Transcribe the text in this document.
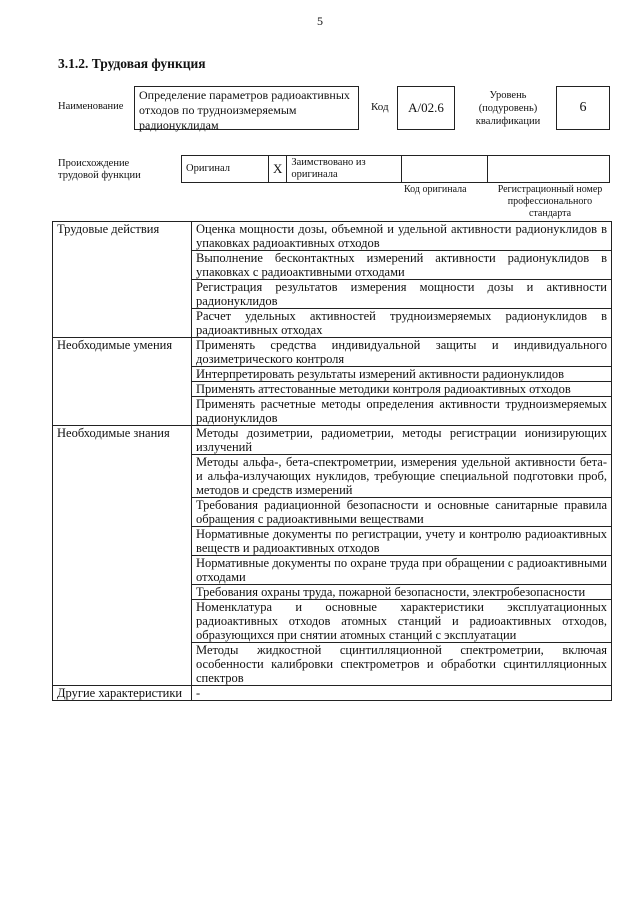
5
3.1.2. Трудовая функция
Наименование
Определение параметров радиоактивных отходов по трудноизмеряемым радионуклидам
Код	А/02.6
Уровень (подуровень) квалификации
6
Происхождение трудовой функции
Оригинал	X	Заимствовано из оригинала		
Код оригинала	Регистрационный номер профессионального стандарта
Трудовые действия	Оценка мощности дозы, объемной и удельной активности радионуклидов в упаковках радиоактивных отходов
	Выполнение бесконтактных измерений активности радионуклидов в упаковках с радиоактивными отходами
	Регистрация результатов измерения мощности дозы и активности радионуклидов
	Расчет удельных активностей трудноизмеряемых радионуклидов в радиоактивных отходах
Необходимые умения	Применять средства индивидуальной защиты и индивидуального дозиметрического контроля
	Интерпретировать результаты измерений активности радионуклидов
	Применять аттестованные методики контроля радиоактивных отходов
	Применять расчетные методы определения активности трудноизмеряемых радионуклидов
Необходимые знания	Методы дозиметрии, радиометрии, методы регистрации ионизирующих излучений
	Методы альфа-, бета-спектрометрии, измерения удельной активности бета- и альфа-излучающих нуклидов, требующие специальной подготовки проб, методов и средств измерений
	Требования радиационной безопасности и основные санитарные правила обращения с радиоактивными веществами
	Нормативные документы по регистрации, учету и контролю радиоактивных веществ и радиоактивных отходов
	Нормативные документы по охране труда при обращении с радиоактивными отходами
	Требования охраны труда, пожарной безопасности, электробезопасности
	Номенклатура и основные характеристики эксплуатационных радиоактивных отходов атомных станций и радиоактивных отходов, образующихся при снятии атомных станций с эксплуатации
	Методы жидкостной сцинтилляционной спектрометрии, включая особенности калибровки спектрометров и обработки сцинтилляционных спектров
Другие характеристики	-
